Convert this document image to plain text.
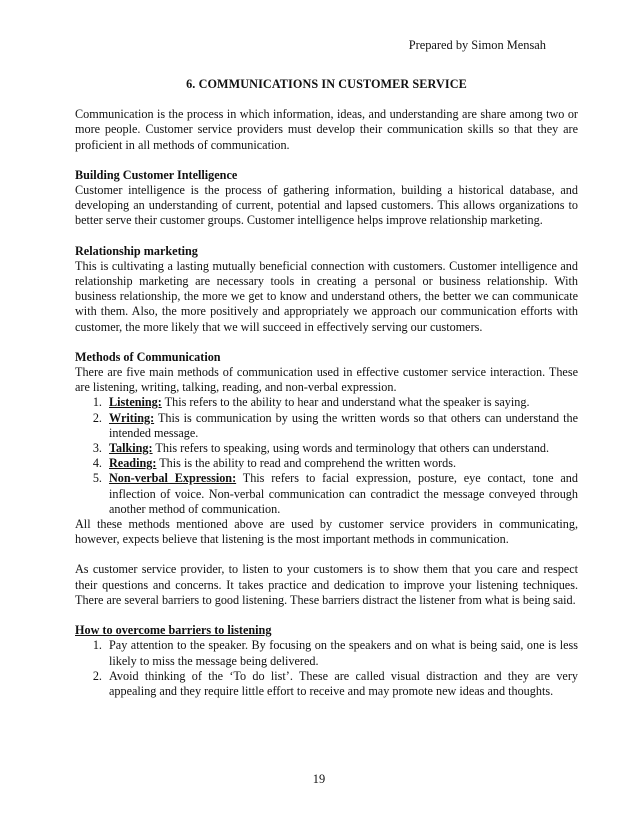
Prepared by Simon Mensah
6. COMMUNICATIONS IN CUSTOMER SERVICE

Communication is the process in which information, ideas, and understanding are share among two or more people. Customer service providers must develop their communication skills so that they are proficient in all methods of communication.

Building Customer Intelligence

Customer intelligence is the process of gathering information, building a historical database, and developing an understanding of current, potential and lapsed customers. This allows organizations to better serve their customer groups. Customer intelligence helps improve relationship marketing.

Relationship marketing

This is cultivating a lasting mutually beneficial connection with customers. Customer intelligence and relationship marketing are necessary tools in creating a personal or business relationship. With business relationship, the more we get to know and understand others, the better we can communicate with them. Also, the more positively and appropriately we approach our communication efforts with customer, the more likely that we will succeed in effectively serving our customers.

Methods of Communication

There are five main methods of communication used in effective customer service interaction. These are listening, writing, talking, reading, and non-verbal expression.

1. Listening: This refers to the ability to hear and understand what the speaker is saying.
2. Writing: This is communication by using the written words so that others can understand the intended message.
3. Talking: This refers to speaking, using words and terminology that others can understand.
4. Reading: This is the ability to read and comprehend the written words.
5. Non-verbal Expression: This refers to facial expression, posture, eye contact, tone and inflection of voice. Non-verbal communication can contradict the message conveyed through another method of communication.

All these methods mentioned above are used by customer service providers in communicating, however, expects believe that listening is the most important methods in communication.

As customer service provider, to listen to your customers is to show them that you care and respect their questions and concerns. It takes practice and dedication to improve your listening techniques. There are several barriers to good listening. These barriers distract the listener from what is being said.

How to overcome barriers to listening
1. Pay attention to the speaker. By focusing on the speakers and on what is being said, one is less likely to miss the message being delivered.
2. Avoid thinking of the ‘To do list’. These are called visual distraction and they are very appealing and they require little effort to receive and may promote new ideas and thoughts.
19
